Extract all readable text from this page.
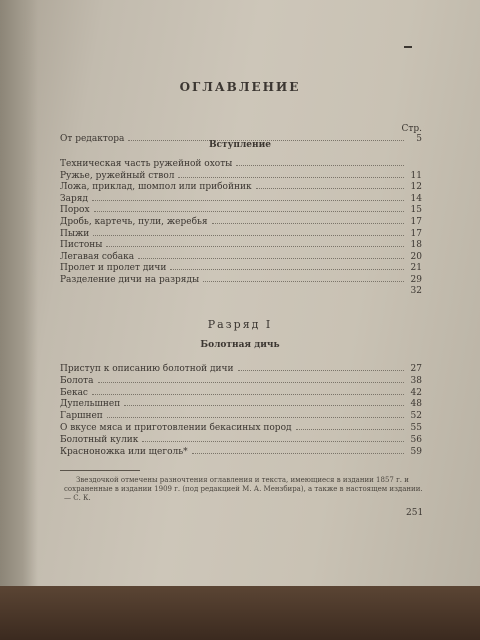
ОГЛАВЛЕНИЕ
Стр.
От редактора	5
Вступление
Техническая часть ружейной охоты
Ружье, ружейный ствол	11
Ложа, приклад, шомпол или прибойник	12
Заряд	14
Порох	15
Дробь, картечь, пули, жеребья	17
Пыжи	17
Пистоны	18
Легавая собака	20
Пролет и пролет дичи	21
Разделение дичи на разряды	29
32
Разряд I
Болотная дичь
Приступ к описанию болотной дичи	27
Болота	38
Бекас	42
Дупельшнеп	48
Гаршнеп	52
О вкусе мяса и приготовлении бекасиных пород	55
Болотный кулик	56
Красноножка или щеголь*	59
Звездочкой отмечены разночтения оглавления и текста, имеющиеся в издании 1857 г. и сохраненные в издании 1909 г. (под редакцией М. А. Мензбира), а также в настоящем издании. — С. К.
251
